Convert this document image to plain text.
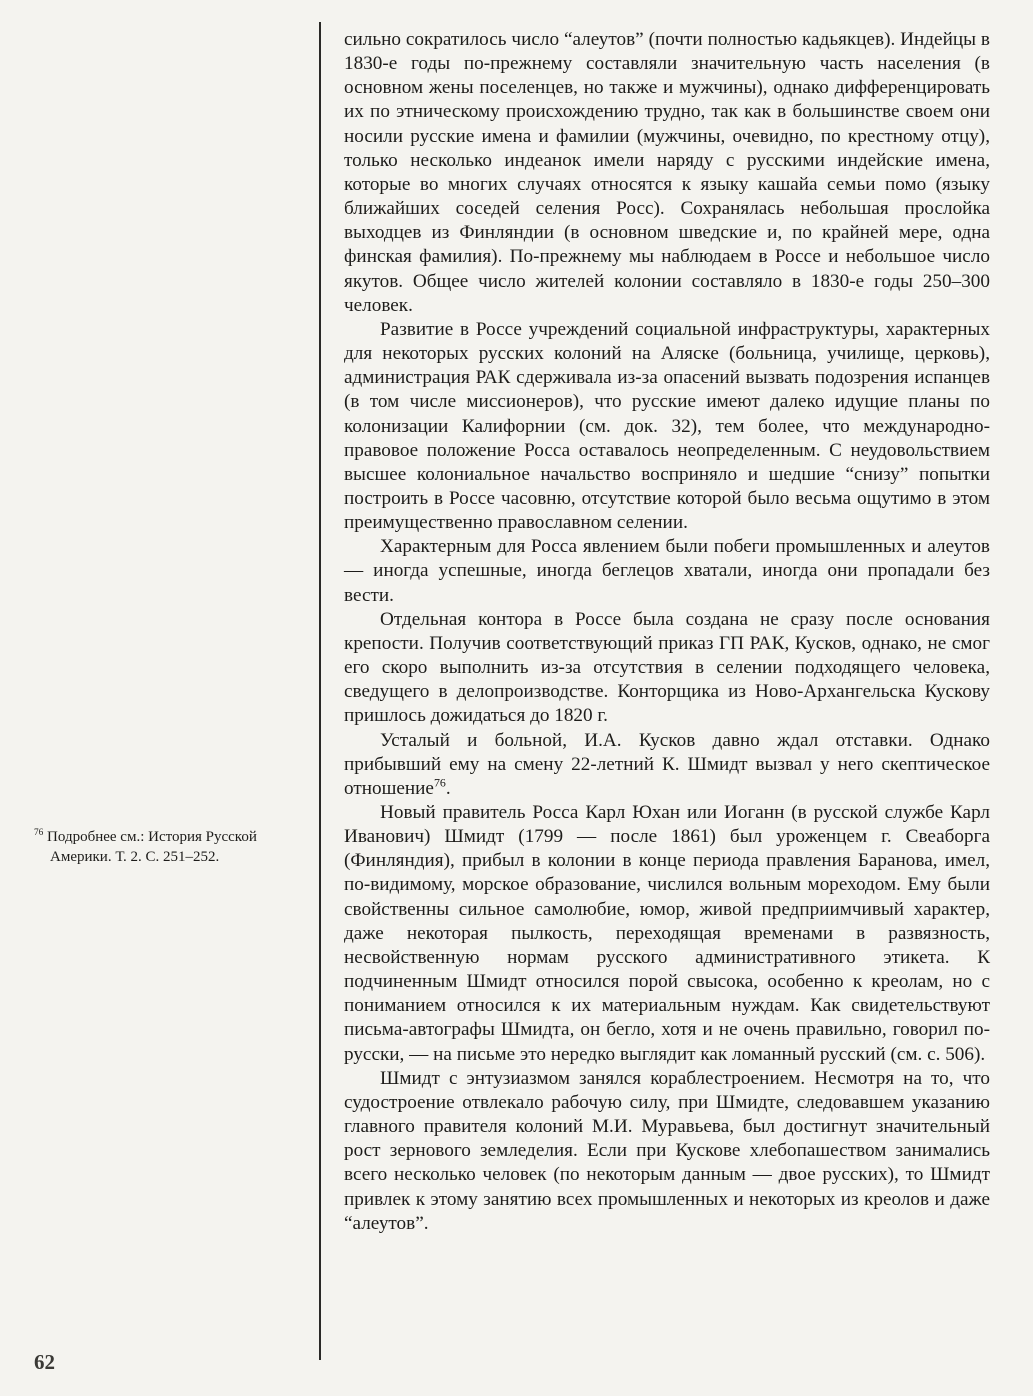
сильно сократилось число “алеутов” (почти полностью кадьякцев). Индейцы в 1830-е годы по-прежнему составляли значительную часть населения (в основном жены поселенцев, но также и мужчины), однако дифференцировать их по этническому происхождению трудно, так как в большинстве своем они носили русские имена и фамилии (мужчины, очевидно, по крестному отцу), только несколько индеанок имели наряду с русскими индейские имена, которые во многих случаях относятся к языку кашайа семьи помо (языку ближайших соседей селения Росс). Сохранялась небольшая прослойка выходцев из Финляндии (в основном шведские и, по крайней мере, одна финская фамилия). По-прежнему мы наблюдаем в Россе и небольшое число якутов. Общее число жителей колонии составляло в 1830-е годы 250–300 человек.

Развитие в Россе учреждений социальной инфраструктуры, характерных для некоторых русских колоний на Аляске (больница, училище, церковь), администрация РАК сдерживала из-за опасений вызвать подозрения испанцев (в том числе миссионеров), что русские имеют далеко идущие планы по колонизации Калифорнии (см. док. 32), тем более, что международно-правовое положение Росса оставалось неопределенным. С неудовольствием высшее колониальное начальство восприняло и шедшие “снизу” попытки построить в Россе часовню, отсутствие которой было весьма ощутимо в этом преимущественно православном селении.

Характерным для Росса явлением были побеги промышленных и алеутов — иногда успешные, иногда беглецов хватали, иногда они пропадали без вести.

Отдельная контора в Россе была создана не сразу после основания крепости. Получив соответствующий приказ ГП РАК, Кусков, однако, не смог его скоро выполнить из-за отсутствия в селении подходящего человека, сведущего в делопроизводстве. Конторщика из Ново-Архангельска Кускову пришлось дожидаться до 1820 г.

Усталый и больной, И.А. Кусков давно ждал отставки. Однако прибывший ему на смену 22-летний К. Шмидт вызвал у него скептическое отношение$^{76}$.

Новый правитель Росса Карл Юхан или Иоганн (в русской службе Карл Иванович) Шмидт (1799 — после 1861) был уроженцем г. Свеаборга (Финляндия), прибыл в колонии в конце периода правления Баранова, имел, по-видимому, морское образование, числился вольным мореходом. Ему были свойственны сильное самолюбие, юмор, живой предприимчивый характер, даже некоторая пылкость, переходящая временами в развязность, несвойственную нормам русского административного этикета. К подчиненным Шмидт относился порой свысока, особенно к креолам, но с пониманием относился к их материальным нуждам. Как свидетельствуют письма-автографы Шмидта, он бегло, хотя и не очень правильно, говорил по-русски, — на письме это нередко выглядит как ломанный русский (см. с. 506).

Шмидт с энтузиазмом занялся кораблестроением. Несмотря на то, что судостроение отвлекало рабочую силу, при Шмидте, следовавшем указанию главного правителя колоний М.И. Муравьева, был достигнут значительный рост зернового земледелия. Если при Кускове хлебопашеством занимались всего несколько человек (по некоторым данным — двое русских), то Шмидт привлек к этому занятию всех промышленных и некоторых из креолов и даже “алеутов”.

$^{76}$ Подробнее см.: История Русской
Америки. Т. 2. С. 251–252.
62
